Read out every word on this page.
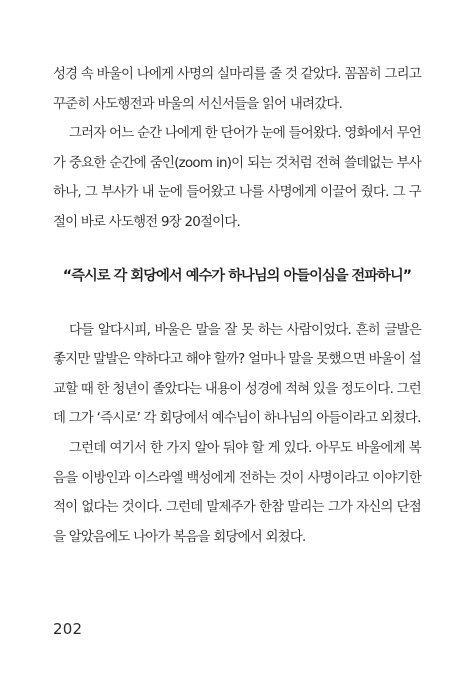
성경 속 바울이 나에게 사명의 실마리를 줄 것 같았다. 꼼꼼히 그리고 꾸준히 사도행전과 바울의 서신서들을 읽어 내려갔다.

그러자 어느 순간 나에게 한 단어가 눈에 들어왔다. 영화에서 무언가 중요한 순간에 줌인(zoom in)이 되는 것처럼 전혀 쓸데없는 부사 하나, 그 부사가 내 눈에 들어왔고 나를 사명에게 이끌어 줬다. 그 구절이 바로 사도행전 9장 20절이다.

“즉시로 각 회당에서 예수가 하나님의 아들이심을 전파하니”

다들 알다시피, 바울은 말을 잘 못 하는 사람이었다. 흔히 글발은 좋지만 말발은 약하다고 해야 할까? 얼마나 말을 못했으면 바울이 설교할 때 한 청년이 졸았다는 내용이 성경에 적혀 있을 정도이다. 그런데 그가 ‘즉시로’ 각 회당에서 예수님이 하나님의 아들이라고 외쳤다.

그런데 여기서 한 가지 알아 둬야 할 게 있다. 아무도 바울에게 복음을 이방인과 이스라엘 백성에게 전하는 것이 사명이라고 이야기한 적이 없다는 것이다. 그런데 말제주가 한참 말리는 그가 자신의 단점을 알았음에도 나아가 복음을 회당에서 외쳤다.

202
